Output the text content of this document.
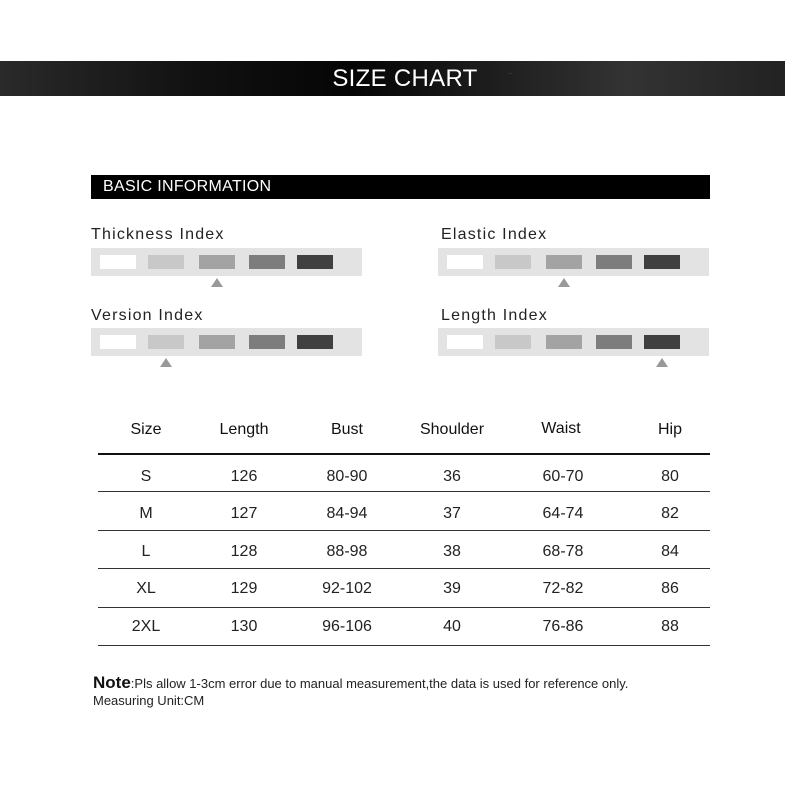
SIZE CHART
BASIC INFORMATION
Thickness Index	Elastic Index
Version Index	Length Index
Size	Length	Bust	Shoulder	Waist	Hip
S	126	80-90	36	60-70	80
M	127	84-94	37	64-74	82
L	128	88-98	38	68-78	84
XL	129	92-102	39	72-82	86
2XL	130	96-106	40	76-86	88
Note:Pls allow 1-3cm error due to manual measurement,the data is used for reference only.
Measuring Unit:CM
